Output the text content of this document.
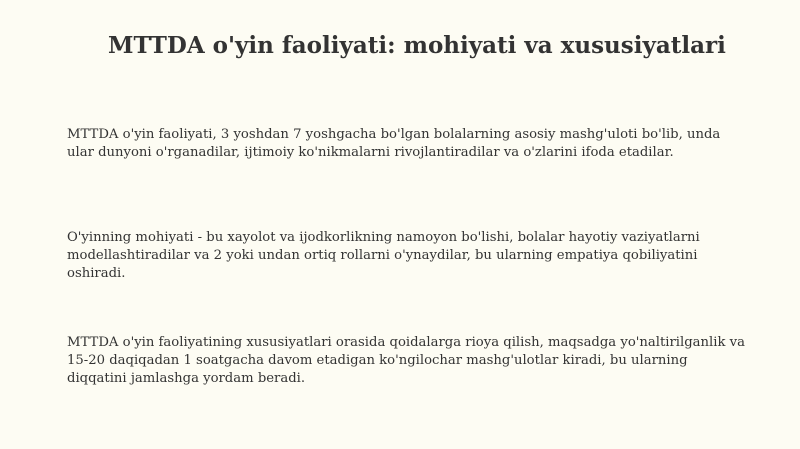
MTTDA o'yin faoliyati: mohiyati va xususiyatlari

MTTDA o'yin faoliyati, 3 yoshdan 7 yoshgacha bo'lgan bolalarning asosiy mashg'uloti bo'lib, unda ular dunyoni o'rganadilar, ijtimoiy ko'nikmalarni rivojlantiradilar va o'zlarini ifoda etadilar.

O'yinning mohiyati - bu xayolot va ijodkorlikning namoyon bo'lishi, bolalar hayotiy vaziyatlarni modellashtiradilar va 2 yoki undan ortiq rollarni o'ynaydilar, bu ularning empatiya qobiliyatini oshiradi.

MTTDA o'yin faoliyatining xususiyatlari orasida qoidalarga rioya qilish, maqsadga yo'naltirilganlik va 15-20 daqiqadan 1 soatgacha davom etadigan ko'ngilochar mashg'ulotlar kiradi, bu ularning diqqatini jamlashga yordam beradi.
